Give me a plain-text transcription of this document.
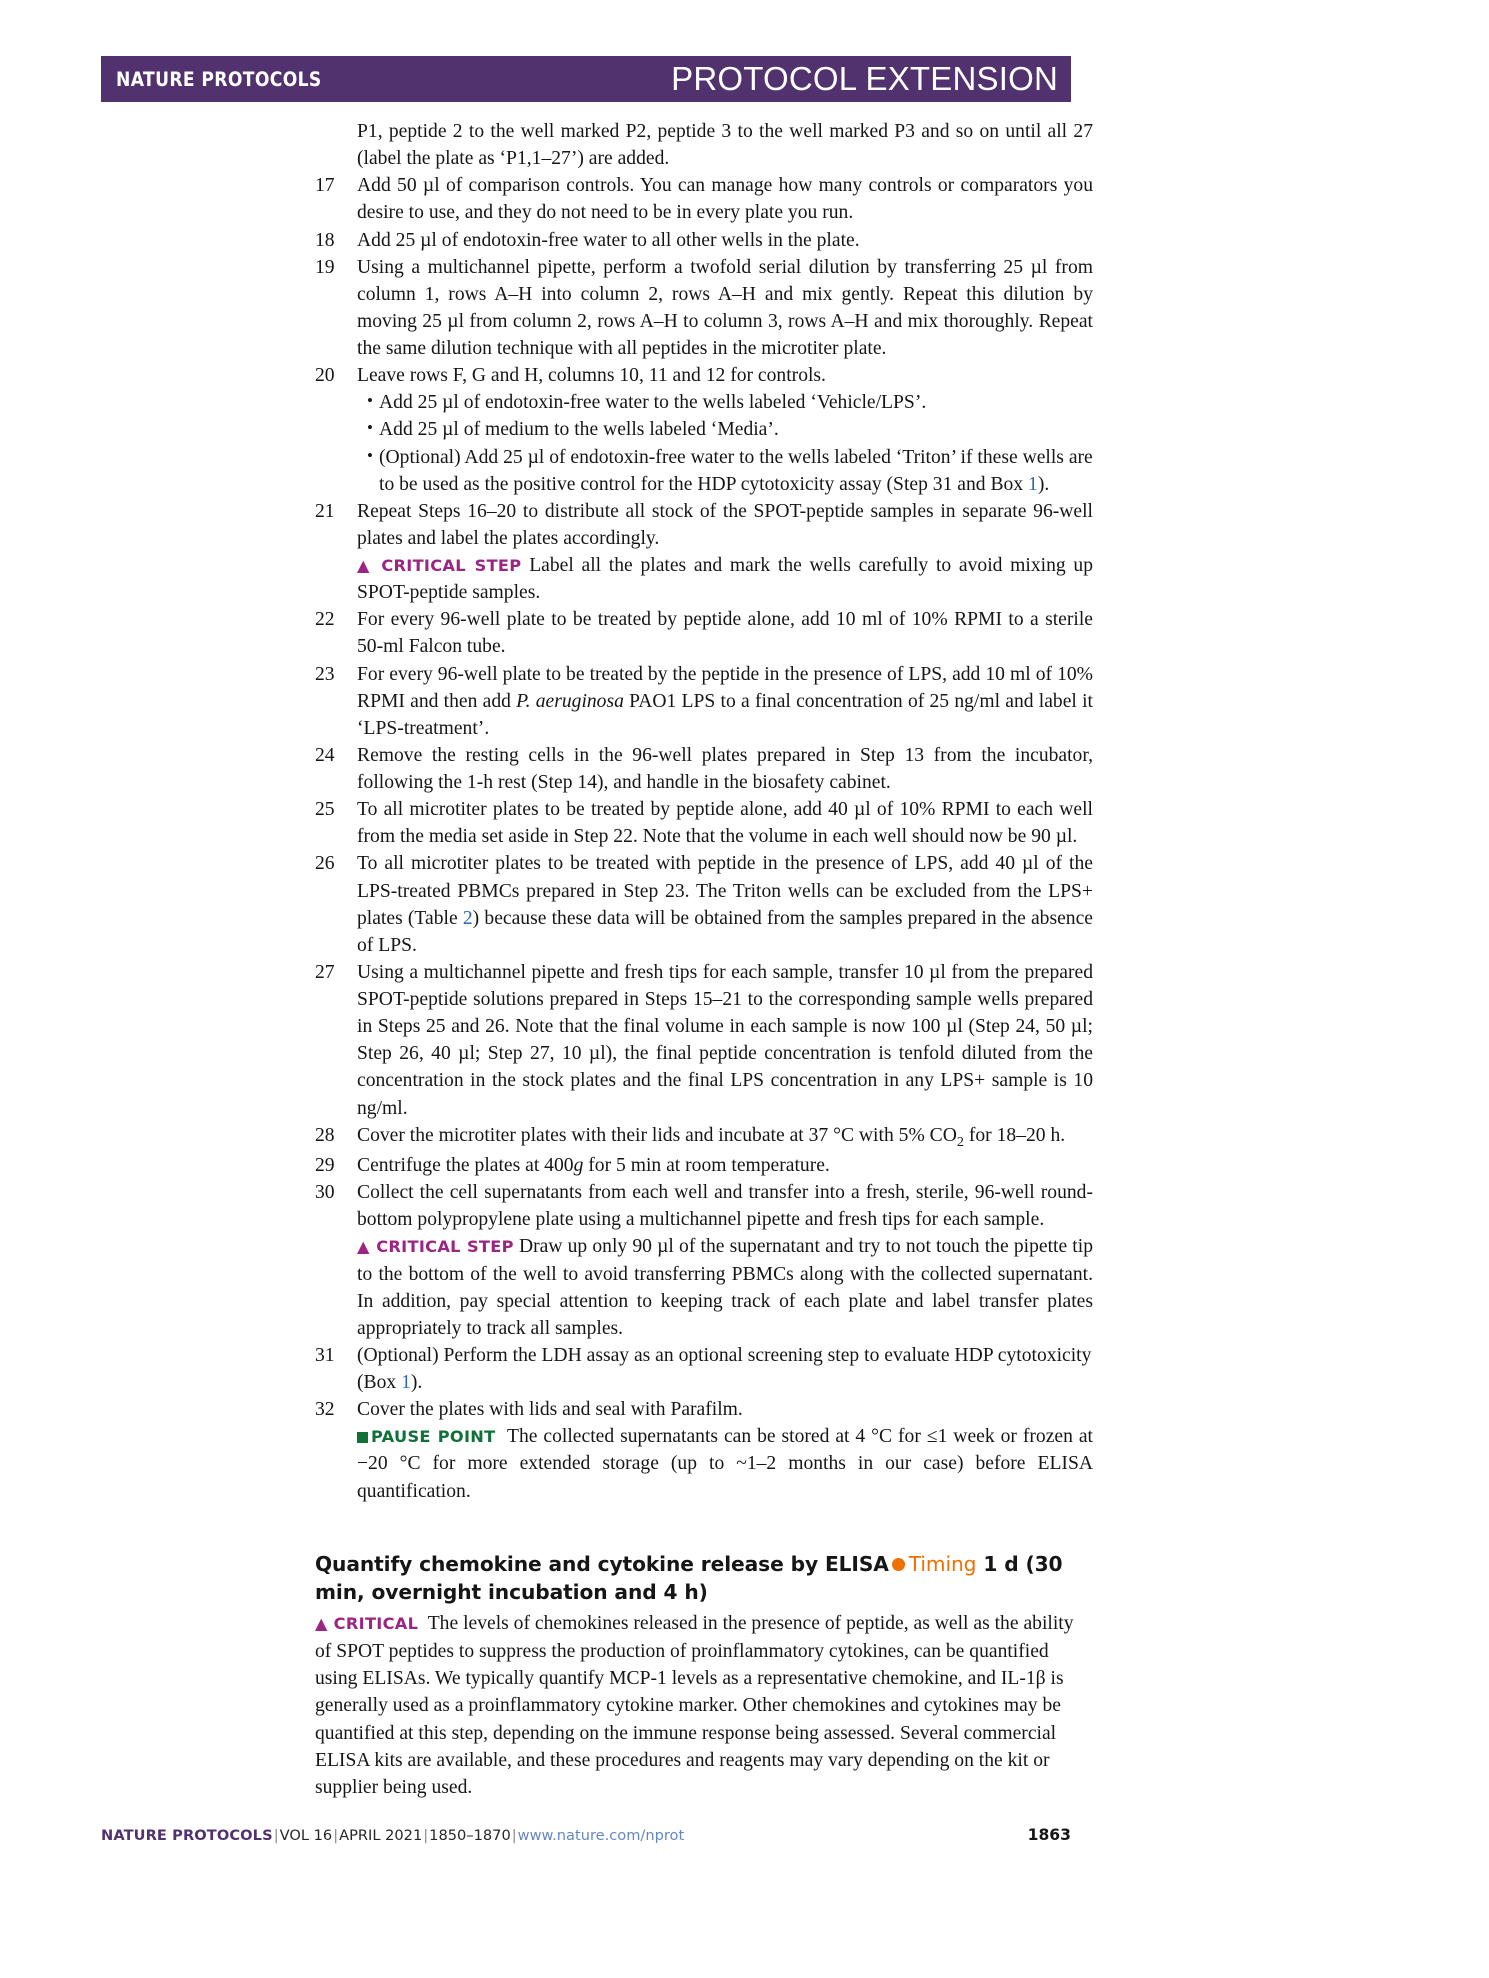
NATURE PROTOCOLS	PROTOCOL EXTENSION
P1, peptide 2 to the well marked P2, peptide 3 to the well marked P3 and so on until all 27 (label the plate as ‘P1,1–27’) are added.
17	Add 50 µl of comparison controls. You can manage how many controls or comparators you desire to use, and they do not need to be in every plate you run.
18	Add 25 µl of endotoxin-free water to all other wells in the plate.
19	Using a multichannel pipette, perform a twofold serial dilution by transferring 25 µl from column 1, rows A–H into column 2, rows A–H and mix gently. Repeat this dilution by moving 25 µl from column 2, rows A–H to column 3, rows A–H and mix thoroughly. Repeat the same dilution technique with all peptides in the microtiter plate.
20	Leave rows F, G and H, columns 10, 11 and 12 for controls.
• Add 25 µl of endotoxin-free water to the wells labeled ‘Vehicle/LPS’.
• Add 25 µl of medium to the wells labeled ‘Media’.
• (Optional) Add 25 µl of endotoxin-free water to the wells labeled ‘Triton’ if these wells are to be used as the positive control for the HDP cytotoxicity assay (Step 31 and Box 1).
21	Repeat Steps 16–20 to distribute all stock of the SPOT-peptide samples in separate 96-well plates and label the plates accordingly.
▲ CRITICAL STEP Label all the plates and mark the wells carefully to avoid mixing up SPOT-peptide samples.
22	For every 96-well plate to be treated by peptide alone, add 10 ml of 10% RPMI to a sterile 50-ml Falcon tube.
23	For every 96-well plate to be treated by the peptide in the presence of LPS, add 10 ml of 10% RPMI and then add P. aeruginosa PAO1 LPS to a final concentration of 25 ng/ml and label it ‘LPS-treatment’.
24	Remove the resting cells in the 96-well plates prepared in Step 13 from the incubator, following the 1-h rest (Step 14), and handle in the biosafety cabinet.
25	To all microtiter plates to be treated by peptide alone, add 40 µl of 10% RPMI to each well from the media set aside in Step 22. Note that the volume in each well should now be 90 µl.
26	To all microtiter plates to be treated with peptide in the presence of LPS, add 40 µl of the LPS-treated PBMCs prepared in Step 23. The Triton wells can be excluded from the LPS+ plates (Table 2) because these data will be obtained from the samples prepared in the absence of LPS.
27	Using a multichannel pipette and fresh tips for each sample, transfer 10 µl from the prepared SPOT-peptide solutions prepared in Steps 15–21 to the corresponding sample wells prepared in Steps 25 and 26. Note that the final volume in each sample is now 100 µl (Step 24, 50 µl; Step 26, 40 µl; Step 27, 10 µl), the final peptide concentration is tenfold diluted from the concentration in the stock plates and the final LPS concentration in any LPS+ sample is 10 ng/ml.
28	Cover the microtiter plates with their lids and incubate at 37 °C with 5% $CO_2$ for 18–20 h.
29	Centrifuge the plates at 400g for 5 min at room temperature.
30	Collect the cell supernatants from each well and transfer into a fresh, sterile, 96-well round-bottom polypropylene plate using a multichannel pipette and fresh tips for each sample.
▲ CRITICAL STEP Draw up only 90 µl of the supernatant and try to not touch the pipette tip to the bottom of the well to avoid transferring PBMCs along with the collected supernatant. In addition, pay special attention to keeping track of each plate and label transfer plates appropriately to track all samples.
31	(Optional) Perform the LDH assay as an optional screening step to evaluate HDP cytotoxicity (Box 1).
32	Cover the plates with lids and seal with Parafilm.
PAUSE POINT The collected supernatants can be stored at 4 °C for ≤1 week or frozen at −20 °C for more extended storage (up to ~1–2 months in our case) before ELISA quantification.
Quantify chemokine and cytokine release by ELISA Timing 1 d (30 min, overnight incubation and 4 h)
▲ CRITICAL The levels of chemokines released in the presence of peptide, as well as the ability of SPOT peptides to suppress the production of proinflammatory cytokines, can be quantified using ELISAs. We typically quantify MCP-1 levels as a representative chemokine, and IL-1β is generally used as a proinflammatory cytokine marker. Other chemokines and cytokines may be quantified at this step, depending on the immune response being assessed. Several commercial ELISA kits are available, and these procedures and reagents may vary depending on the kit or supplier being used.
NATURE PROTOCOLS|VOL 16|APRIL 2021|1850–1870|www.nature.com/nprot	1863
